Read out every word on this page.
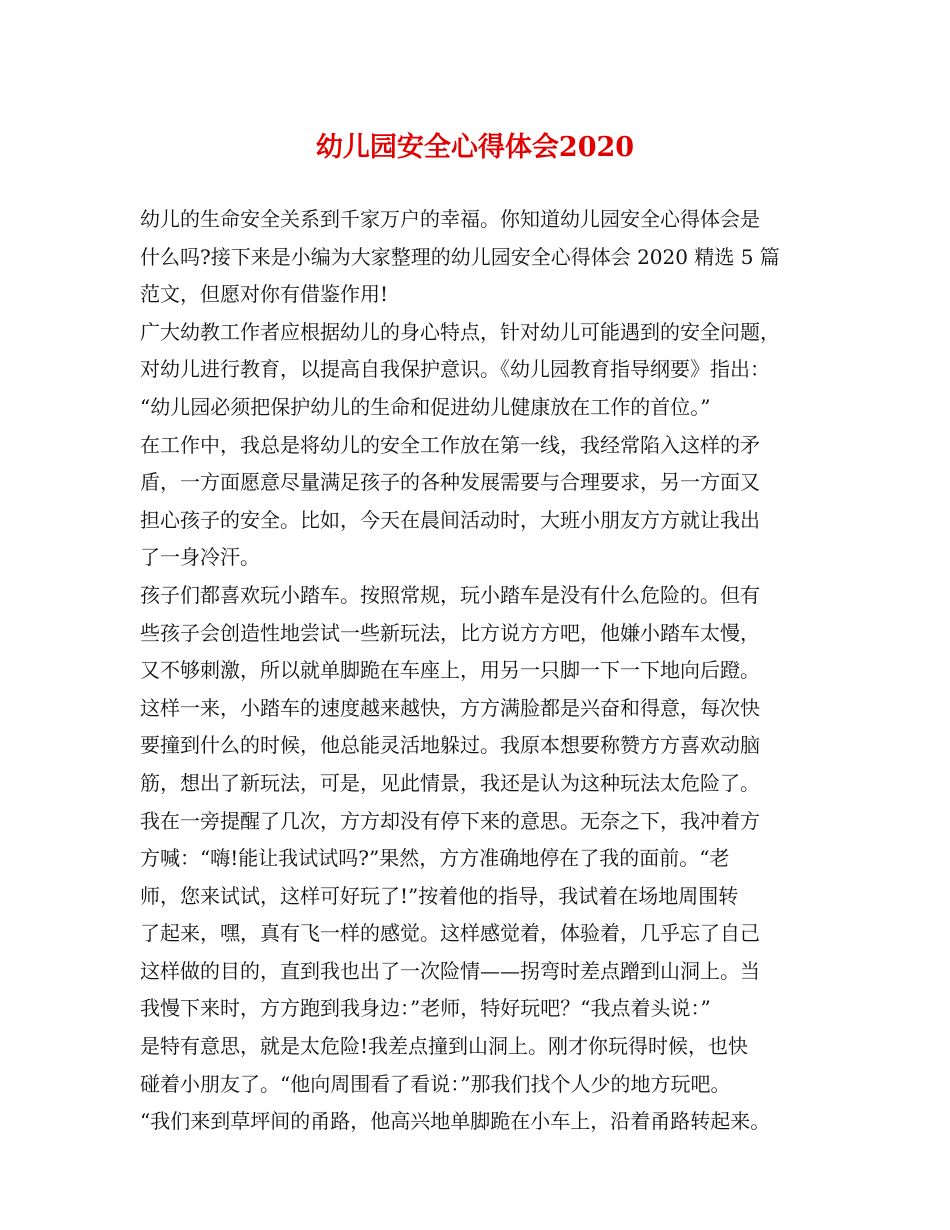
幼儿园安全心得体会2020
幼儿的生命安全关系到千家万户的幸福。你知道幼儿园安全心得体会是
什么吗?接下来是小编为大家整理的幼儿园安全心得体会 2020 精选 5 篇
范文，但愿对你有借鉴作用!
广大幼教工作者应根据幼儿的身心特点，针对幼儿可能遇到的安全问题，
对幼儿进行教育，以提高自我保护意识。《幼儿园教育指导纲要》指出：
“幼儿园必须把保护幼儿的生命和促进幼儿健康放在工作的首位。”
在工作中，我总是将幼儿的安全工作放在第一线，我经常陷入这样的矛
盾，一方面愿意尽量满足孩子的各种发展需要与合理要求，另一方面又
担心孩子的安全。比如，今天在晨间活动时，大班小朋友方方就让我出
了一身冷汗。
孩子们都喜欢玩小踏车。按照常规，玩小踏车是没有什么危险的。但有
些孩子会创造性地尝试一些新玩法，比方说方方吧，他嫌小踏车太慢，
又不够刺激，所以就单脚跪在车座上，用另一只脚一下一下地向后蹬。
这样一来，小踏车的速度越来越快，方方满脸都是兴奋和得意，每次快
要撞到什么的时候，他总能灵活地躲过。我原本想要称赞方方喜欢动脑
筋，想出了新玩法，可是，见此情景，我还是认为这种玩法太危险了。
我在一旁提醒了几次，方方却没有停下来的意思。无奈之下，我冲着方
方喊：“嗨!能让我试试吗?”果然，方方准确地停在了我的面前。“老
师，您来试试，这样可好玩了!”按着他的指导，我试着在场地周围转
了起来，嘿，真有飞一样的感觉。这样感觉着，体验着，几乎忘了自己
这样做的目的，直到我也出了一次险情——拐弯时差点蹭到山洞上。当
我慢下来时，方方跑到我身边：”老师，特好玩吧？“我点着头说：”
是特有意思，就是太危险!我差点撞到山洞上。刚才你玩得时候，也快
碰着小朋友了。“他向周围看了看说：”那我们找个人少的地方玩吧。
“我们来到草坪间的甬路，他高兴地单脚跪在小车上，沿着甬路转起来。
